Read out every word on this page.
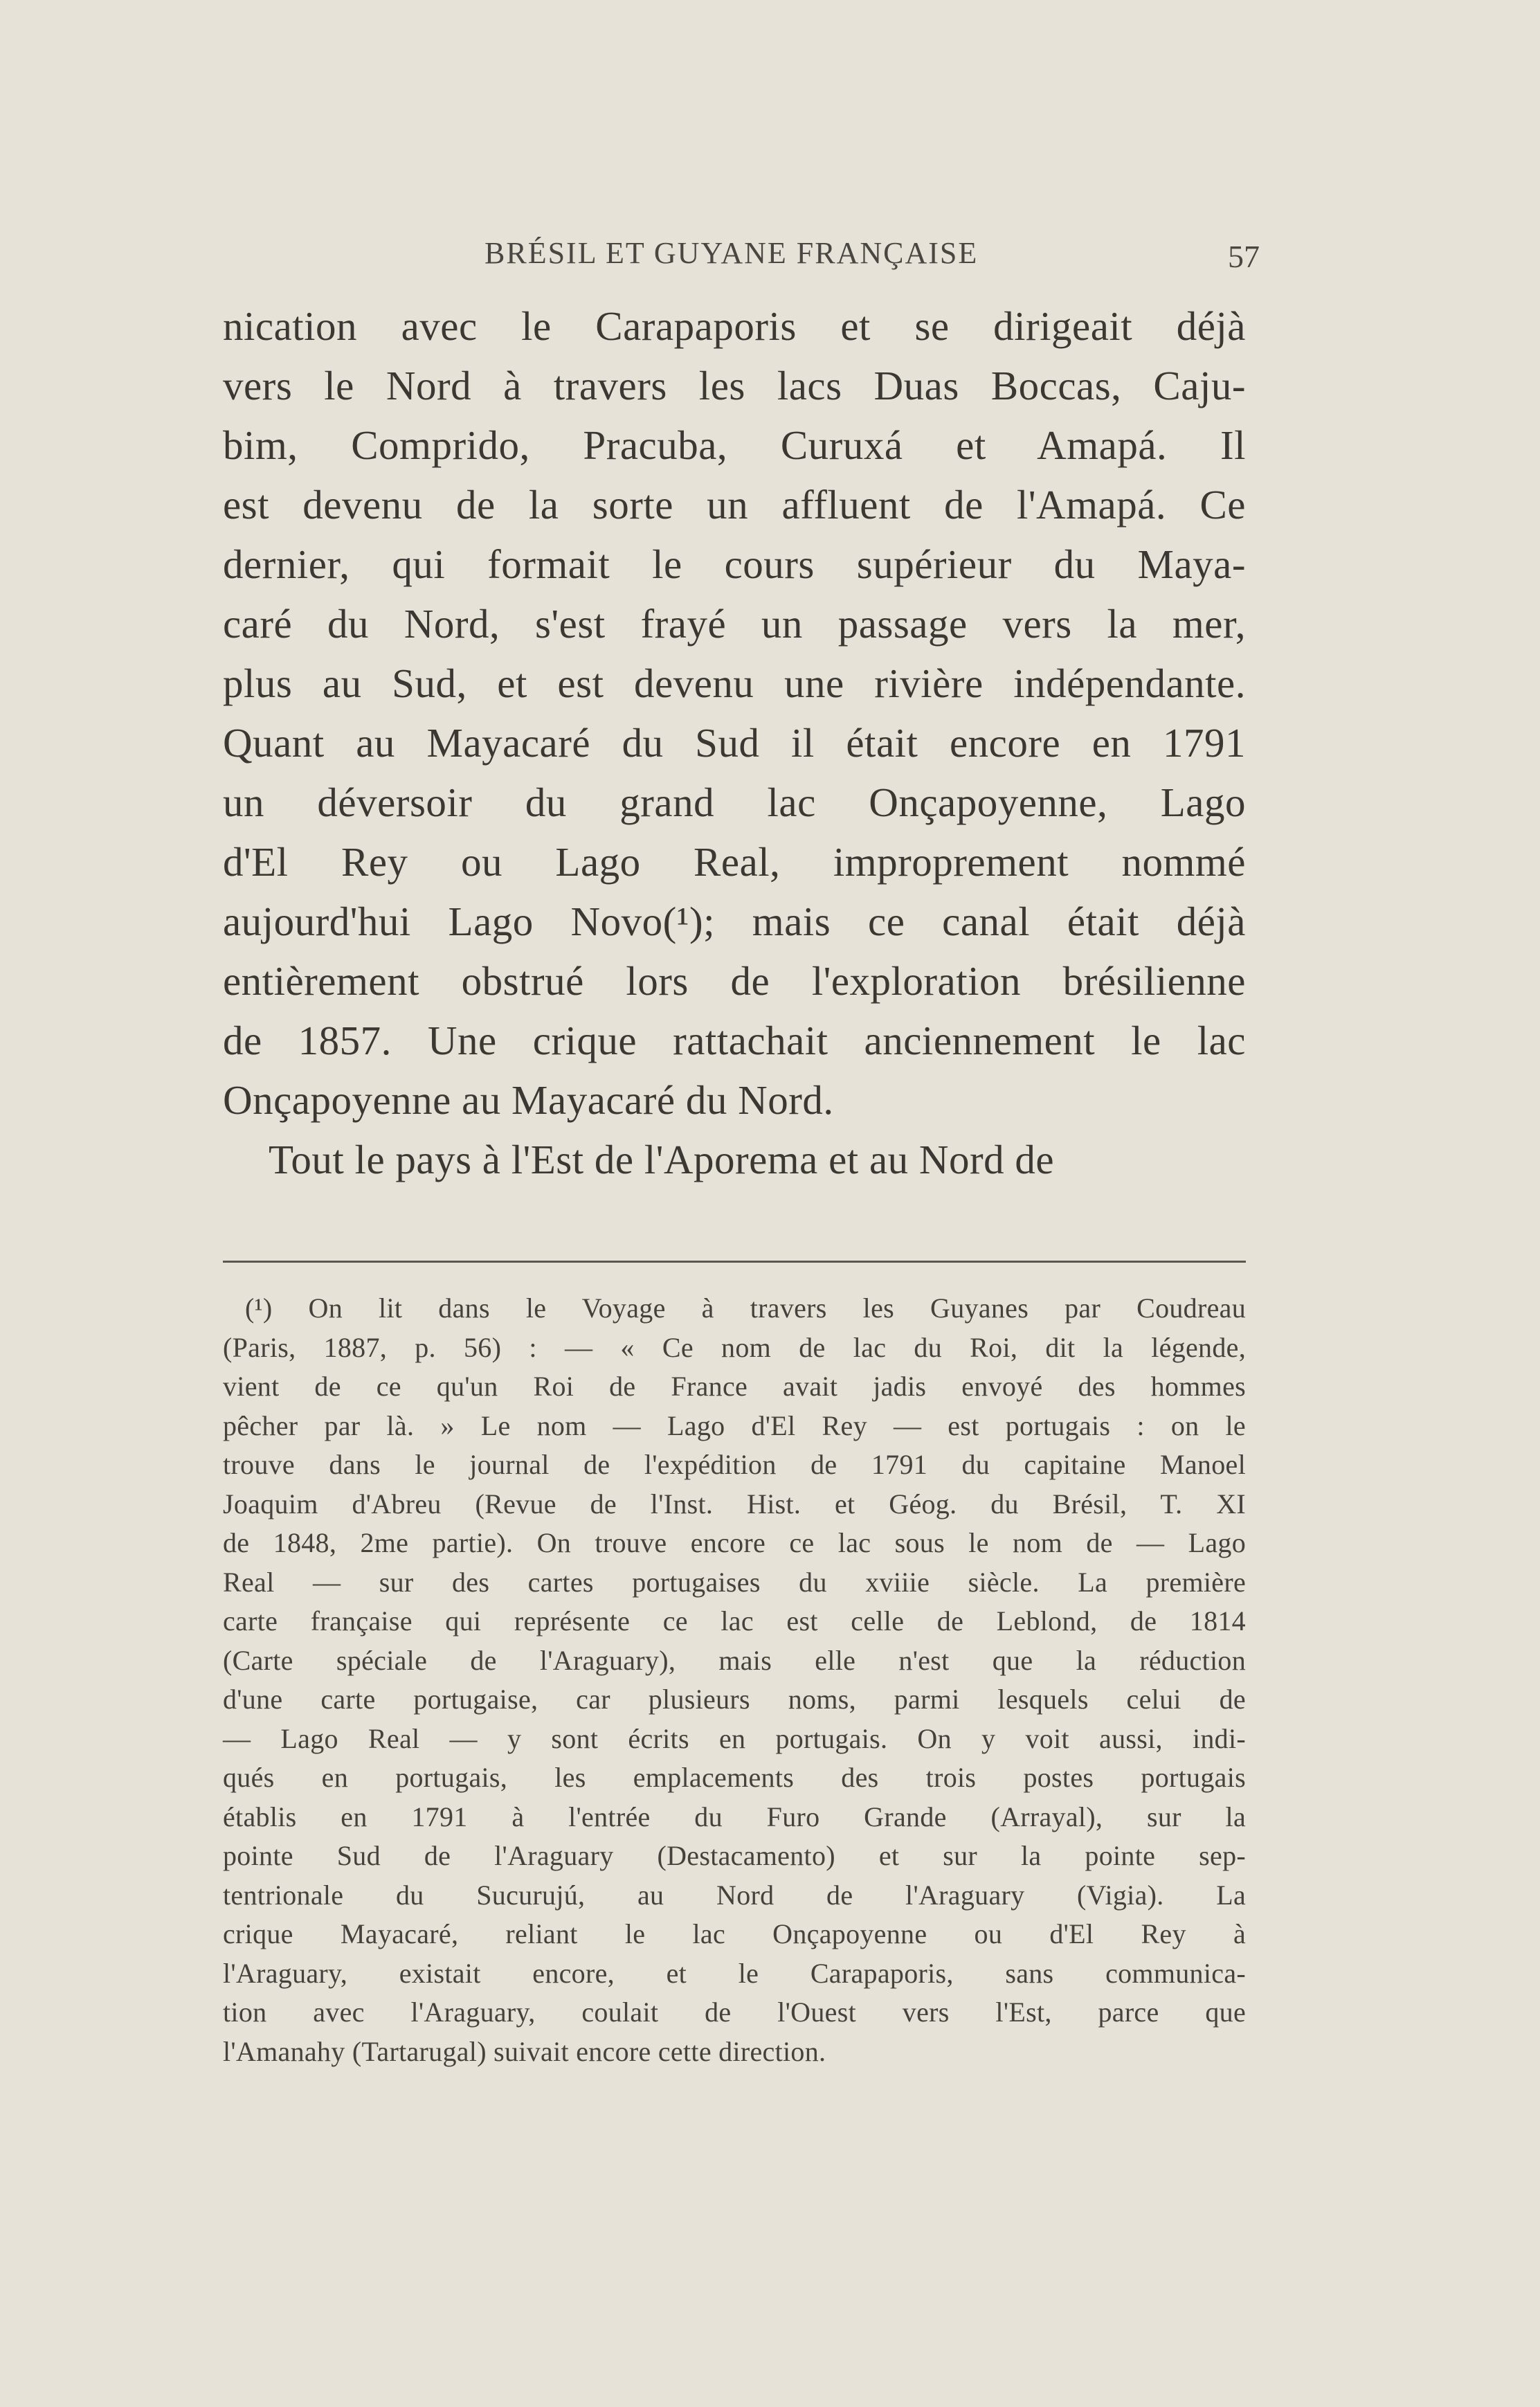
BRÉSIL ET GUYANE FRANÇAISE	57
nication avec le Carapaporis et se dirigeait déjà
vers le Nord à travers les lacs Duas Boccas, Caju-
bim, Comprido, Pracuba, Curuxá et Amapá. Il
est devenu de la sorte un affluent de l'Amapá. Ce
dernier, qui formait le cours supérieur du Maya-
caré du Nord, s'est frayé un passage vers la mer,
plus au Sud, et est devenu une rivière indépendante.
Quant au Mayacaré du Sud il était encore en 1791
un déversoir du grand lac Onçapoyenne, Lago
d'El Rey ou Lago Real, improprement nommé
aujourd'hui Lago Novo(¹); mais ce canal était déjà
entièrement obstrué lors de l'exploration brésilienne
de 1857. Une crique rattachait anciennement le lac
Onçapoyenne au Mayacaré du Nord.
Tout le pays à l'Est de l'Aporema et au Nord de
(¹) On lit dans le Voyage à travers les Guyanes par Coudreau
(Paris, 1887, p. 56) : — « Ce nom de lac du Roi, dit la légende,
vient de ce qu'un Roi de France avait jadis envoyé des hommes
pêcher par là. » Le nom — Lago d'El Rey — est portugais : on le
trouve dans le journal de l'expédition de 1791 du capitaine Manoel
Joaquim d'Abreu (Revue de l'Inst. Hist. et Géog. du Brésil, T. XI
de 1848, 2me partie). On trouve encore ce lac sous le nom de — Lago
Real — sur des cartes portugaises du xviiie siècle. La première
carte française qui représente ce lac est celle de Leblond, de 1814
(Carte spéciale de l'Araguary), mais elle n'est que la réduction
d'une carte portugaise, car plusieurs noms, parmi lesquels celui de
— Lago Real — y sont écrits en portugais. On y voit aussi, indi-
qués en portugais, les emplacements des trois postes portugais
établis en 1791 à l'entrée du Furo Grande (Arrayal), sur la
pointe Sud de l'Araguary (Destacamento) et sur la pointe sep-
tentrionale du Sucurujú, au Nord de l'Araguary (Vigia). La
crique Mayacaré, reliant le lac Onçapoyenne ou d'El Rey à
l'Araguary, existait encore, et le Carapaporis, sans communica-
tion avec l'Araguary, coulait de l'Ouest vers l'Est, parce que
l'Amanahy (Tartarugal) suivait encore cette direction.
